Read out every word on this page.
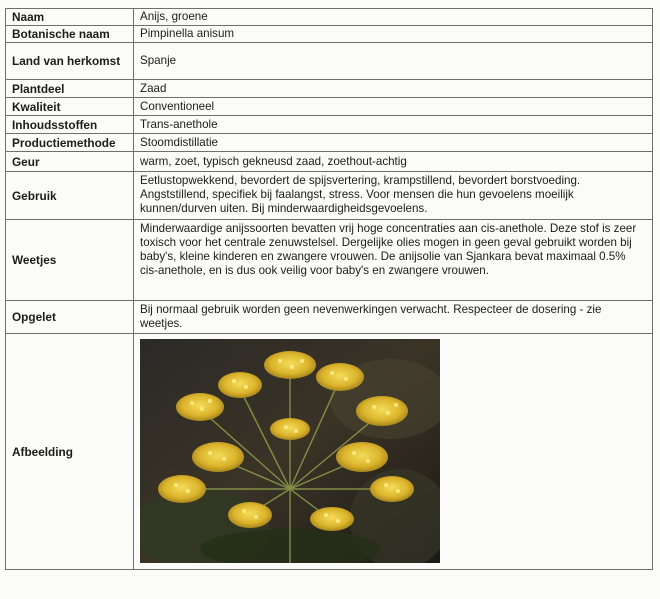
Naam	Anijs, groene
Botanische naam	Pimpinella anisum
Land van herkomst	Spanje
Plantdeel	Zaad
Kwaliteit	Conventioneel
Inhoudsstoffen	Trans-anethole
Productiemethode	Stoomdistillatie
Geur	warm, zoet, typisch gekneusd zaad, zoethout-achtig
Gebruik	Eetlustopwekkend, bevordert de spijsvertering, krampstillend, bevordert borstvoeding. Angststillend, specifiek bij faalangst, stress. Voor mensen die hun gevoelens moeilijk kunnen/durven uiten. Bij minderwaardigheidsgevoelens.
Weetjes	Minderwaardige anijssoorten bevatten vrij hoge concentraties aan cis-anethole. Deze stof is zeer toxisch voor het centrale zenuwstelsel. Dergelijke olies mogen in geen geval gebruikt worden bij baby's, kleine kinderen en zwangere vrouwen. De anijsolie van Sjankara bevat maximaal 0.5% cis-anethole, en is dus ook veilig voor baby's en zwangere vrouwen.
Opgelet	Bij normaal gebruik worden geen nevenwerkingen verwacht. Respecteer de dosering - zie weetjes.
Afbeelding	
